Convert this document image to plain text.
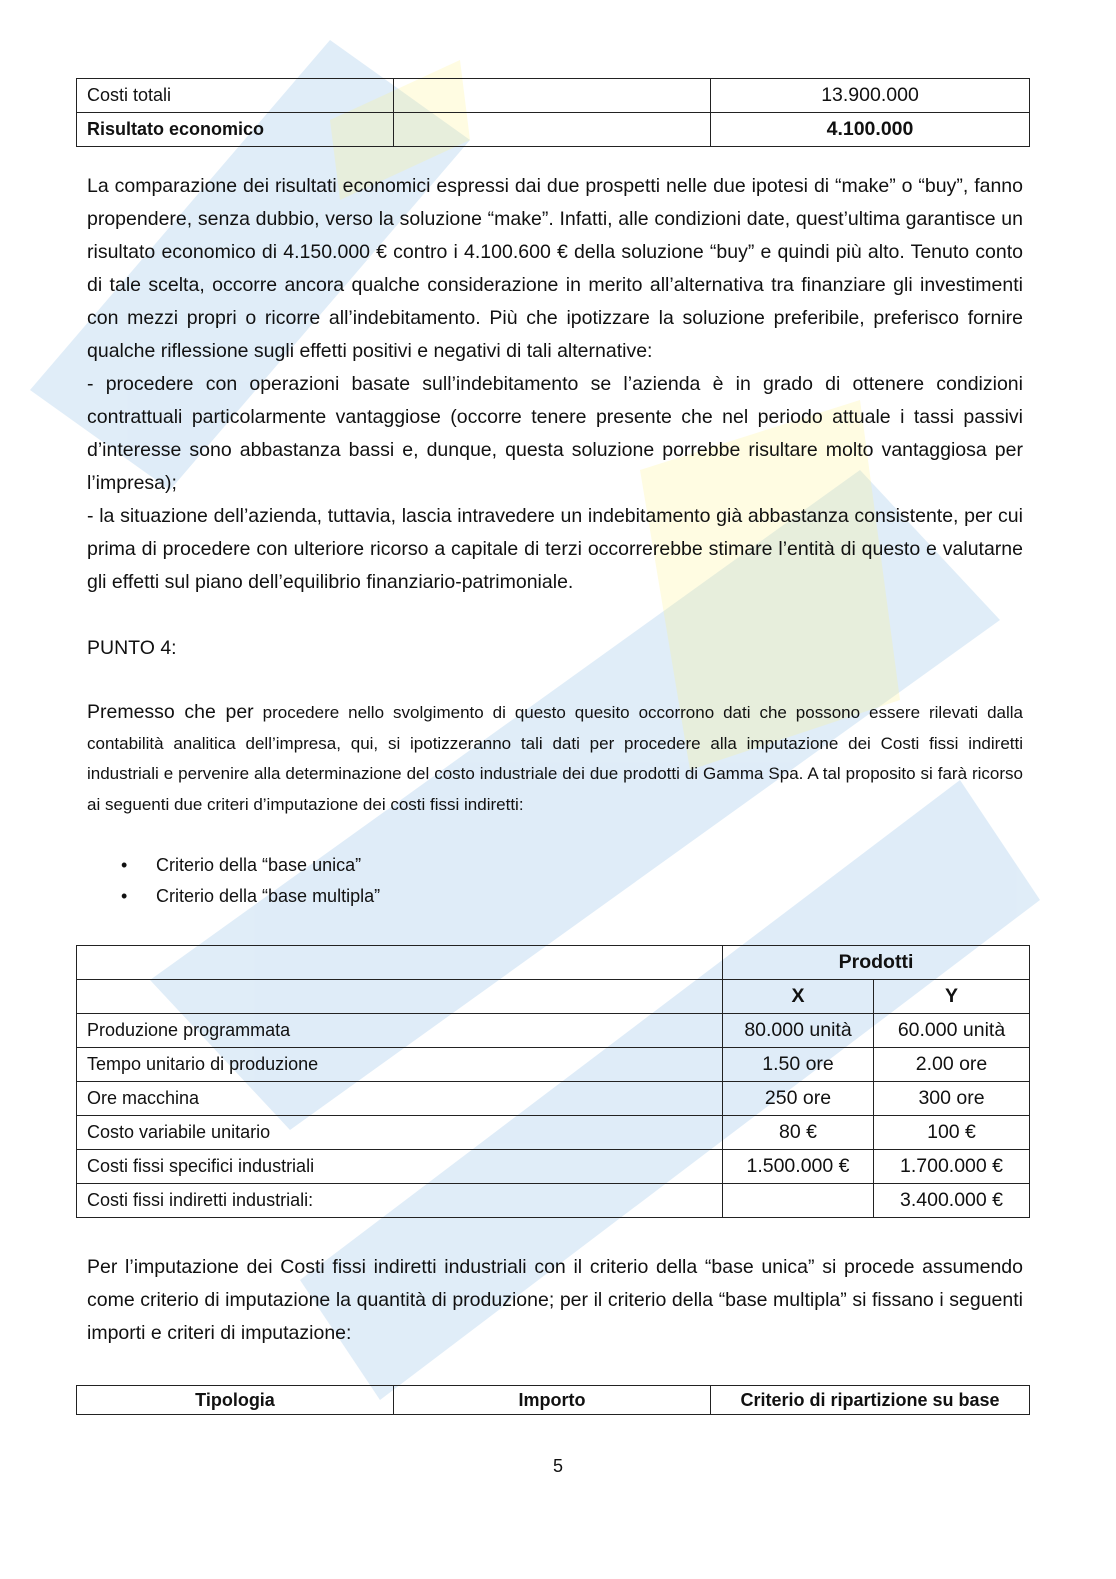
Costi totali		13.900.000
Risultato economico		4.100.000

La comparazione dei risultati economici espressi dai due prospetti nelle due ipotesi di “make” o “buy”, fanno propendere, senza dubbio, verso la soluzione “make”. Infatti, alle condizioni date, quest’ultima garantisce un risultato economico di 4.150.000 € contro i 4.100.600 € della soluzione “buy” e quindi più alto. Tenuto conto di tale scelta, occorre ancora qualche considerazione in merito all’alternativa tra finanziare gli investimenti con mezzi propri o ricorre all’indebitamento. Più che ipotizzare la soluzione preferibile, preferisco fornire qualche riflessione sugli effetti positivi e negativi di tali alternative:

- procedere con operazioni basate sull’indebitamento se l’azienda è in grado di ottenere condizioni contrattuali particolarmente vantaggiose (occorre tenere presente che nel periodo attuale i tassi passivi d’interesse sono abbastanza bassi e, dunque, questa soluzione porrebbe risultare molto vantaggiosa per l’impresa);

- la situazione dell’azienda, tuttavia, lascia intravedere un indebitamento già abbastanza consistente, per cui prima di procedere con ulteriore ricorso a capitale di terzi occorrerebbe stimare l’entità di questo e valutarne gli effetti sul piano dell’equilibrio finanziario-patrimoniale.

PUNTO 4:

Premesso che per procedere nello svolgimento di questo quesito occorrono dati che possono essere rilevati dalla contabilità analitica dell’impresa, qui, si ipotizzeranno tali dati per procedere alla imputazione dei Costi fissi indiretti industriali e pervenire alla determinazione del costo industriale dei due prodotti di Gamma Spa. A tal proposito si farà ricorso ai seguenti due criteri d’imputazione dei costi fissi indiretti:

• Criterio della “base unica”
• Criterio della “base multipla”
	Prodotti	
	X	Y
Produzione programmata	80.000 unità	60.000 unità
Tempo unitario di produzione	1.50 ore	2.00 ore
Ore macchina	250 ore	300 ore
Costo variabile unitario	80 €	100 €
Costi fissi specifici industriali	1.500.000 €	1.700.000 €
Costi fissi indiretti industriali:		3.400.000 €

Per l’imputazione dei Costi fissi indiretti industriali con il criterio della “base unica” si procede assumendo come criterio di imputazione la quantità di produzione; per il criterio della “base multipla” si fissano i seguenti importi e criteri di imputazione:

Tipologia	Importo	Criterio di ripartizione su base
5
